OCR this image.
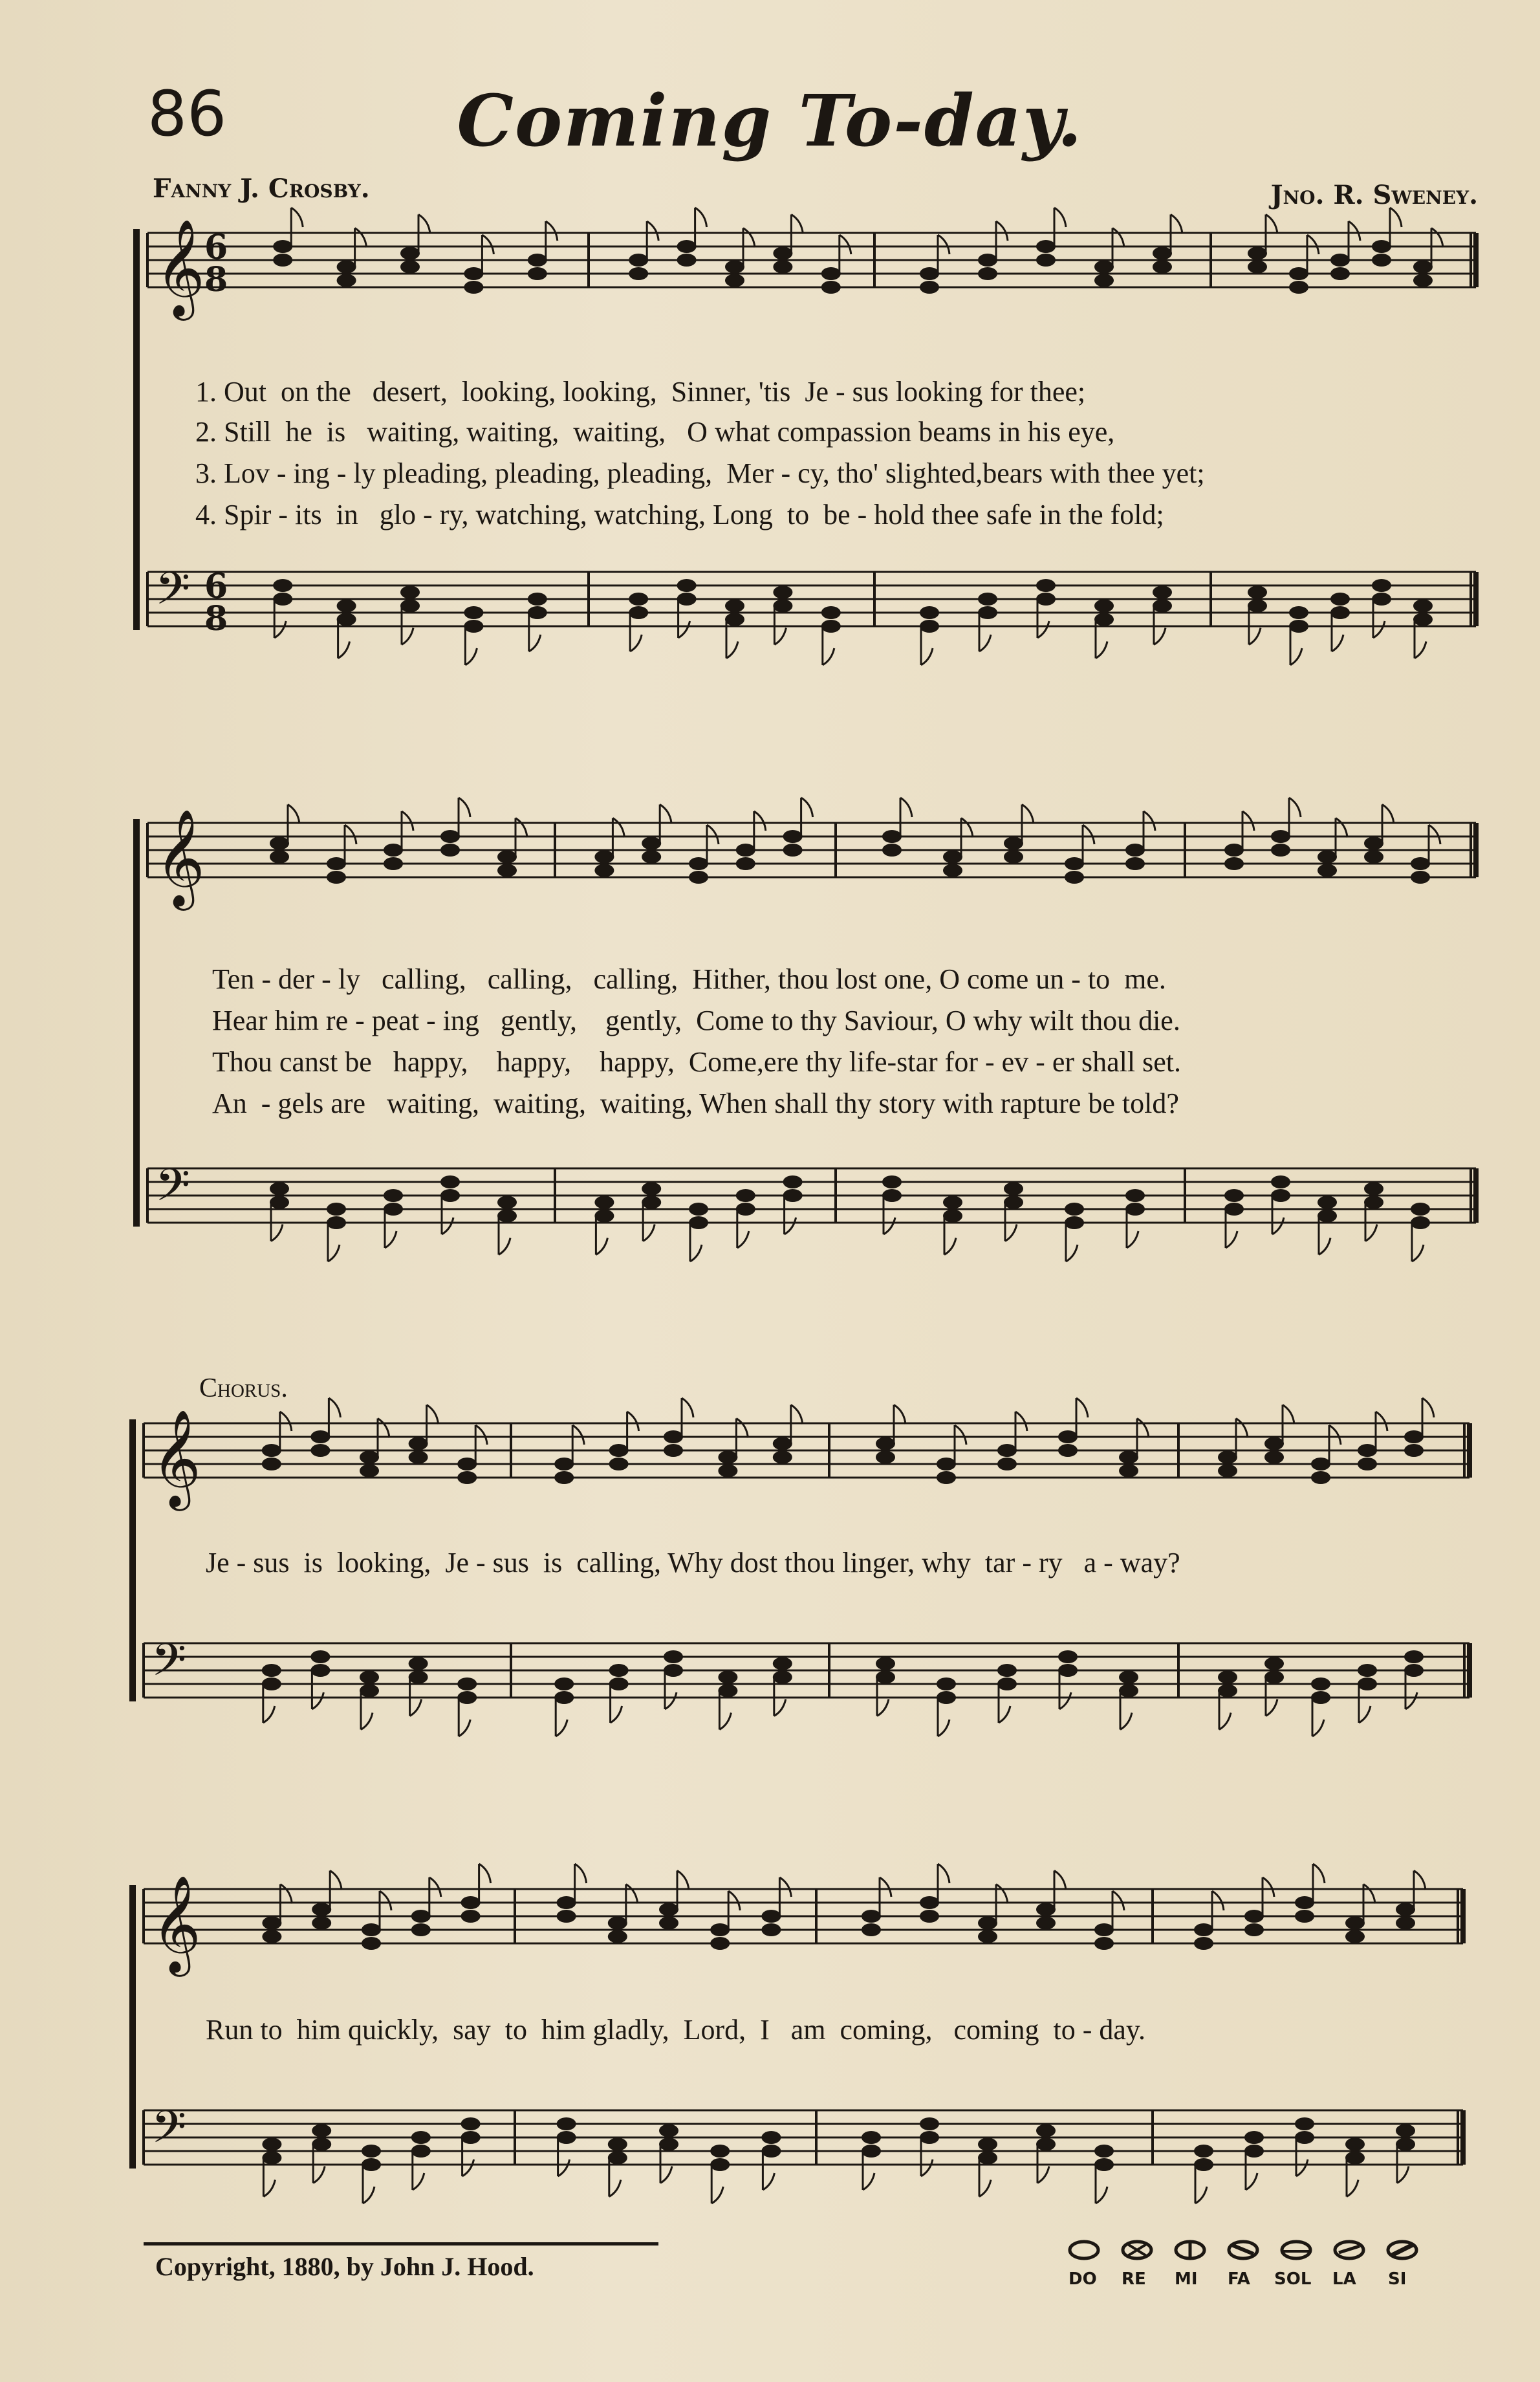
86	Coming To-day.
Fanny J. Crosby.	Jno. R. Sweney.
𝄞 6
8
𝄢 6
8
𝄞
𝄢
𝄞
𝄢
𝄞
𝄢
1. Out  on the   desert,  looking, looking,  Sinner, 'tis  Je - sus looking for thee;
2. Still  he  is   waiting, waiting,  waiting,   O what compassion beams in his eye,
3. Lov - ing - ly pleading, pleading, pleading,  Mer - cy, tho' slighted,bears with thee yet;
4. Spir - its  in   glo - ry, watching, watching, Long  to  be - hold thee safe in the fold;
Ten - der - ly   calling,   calling,   calling,  Hither, thou lost one, O come un - to  me.
Hear him re - peat - ing   gently,    gently,  Come to thy Saviour, O why wilt thou die.
Thou canst be   happy,    happy,    happy,  Come,ere thy life-star for - ev - er shall set.
An  - gels are   waiting,  waiting,  waiting, When shall thy story with rapture be told?
Chorus.
Je - sus  is  looking,  Je - sus  is  calling, Why dost thou linger, why  tar - ry   a - way?
Run to  him quickly,  say  to  him gladly,  Lord,  I   am  coming,   coming  to - day.
Copyright, 1880, by John J. Hood.	DO RE MI FA SOL LA SI
